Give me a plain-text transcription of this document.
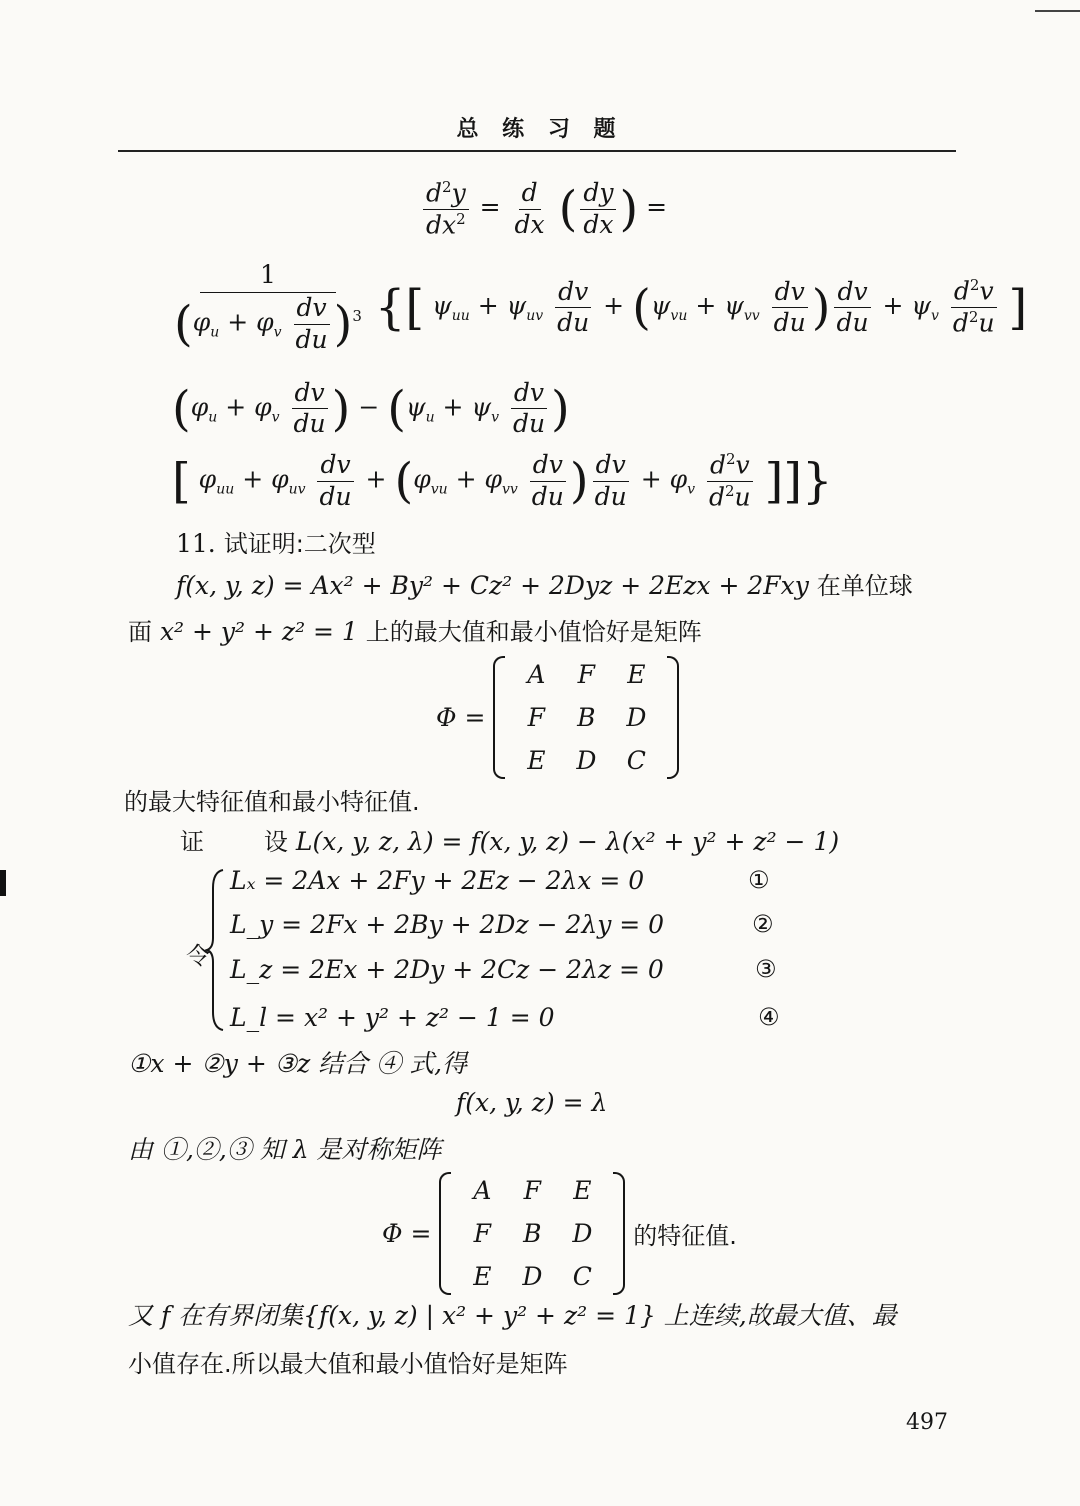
总 练 习 题
$\frac{d^2y}{dx^2} = \frac{d}{dx}$ ( $\frac{dy}{dx}$ ) =
$\frac{1}{(\varphi_u + \varphi_v \frac{dv}{du} )^3}$ {[ $\psi_{uu} + \psi_{uv} \frac{dv}{du} + (\psi_{vu} + \psi_{vv} \frac{dv}{du}$ ) $\frac{dv}{du} + \psi_v \frac{d^2v}{d^2u}$ ]
($\varphi_u + \varphi_v \frac{dv}{du}$ ) − ($\psi_u + \psi_v \frac{dv}{du}$ )
[ $\varphi_{uu} + \varphi_{uv} \frac{dv}{du} + (\varphi_{vu} + \varphi_{vv} \frac{dv}{du}$ ) $\frac{dv}{du} + \varphi_v \frac{d^2v}{d^2u}$ ]]}
11. 试证明:二次型
f(x, y, z) = Ax² + By² + Cz² + 2Dyz + 2Ezx + 2Fxy 在单位球
面 x² + y² + z² = 1 上的最大值和最小值恰好是矩阵
Φ =
A	F	E
F	B	D
E	D	C
的最大特征值和最小特征值.
证 设 L(x, y, z, λ) = f(x, y, z) − λ(x² + y² + z² − 1)
令
Lₓ = 2Ax + 2Fy + 2Ez − 2λx = 0	①
L_y = 2Fx + 2By + 2Dz − 2λy = 0	②
L_z = 2Ex + 2Dy + 2Cz − 2λz = 0	③
L_l = x² + y² + z² − 1 = 0	④
①x + ②y + ③z 结合 ④ 式,得
f(x, y, z) = λ
由 ①,②,③ 知 λ 是对称矩阵
Φ =
A	F	E
F	B	D
E	D	C
的特征值.
又 f 在有界闭集{f(x, y, z) | x² + y² + z² = 1} 上连续,故最大值、最
小值存在.所以最大值和最小值恰好是矩阵
497
